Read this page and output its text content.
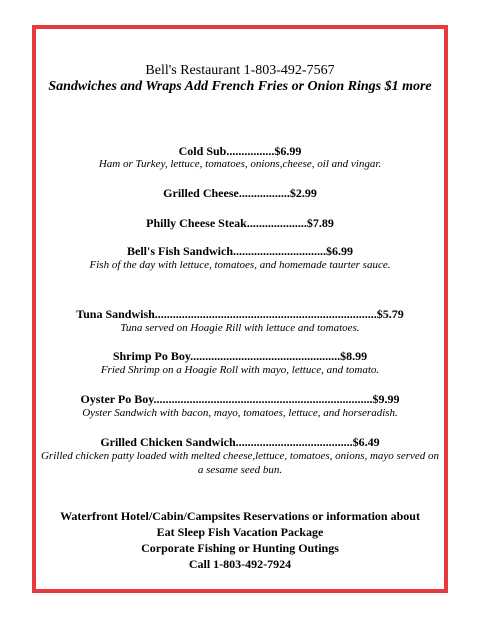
Bell's Restaurant 1-803-492-7567
Sandwiches and Wraps Add French Fries or Onion Rings $1 more
Cold Sub................$6.99
Ham or Turkey, lettuce, tomatoes, onions,cheese, oil and vingar.
Grilled Cheese.................$2.99
Philly Cheese Steak....................$7.89
Bell's Fish Sandwich...............................$6.99
Fish of the day with lettuce, tomatoes, and homemade taurter sauce.
Tuna Sandwish..........................................................................$5.79
Tuna served on Hoagie Rill with lettuce and tomatoes.
Shrimp Po Boy..................................................$8.99
Fried Shrimp on a Hoagie Roll with mayo, lettuce, and tomato.
Oyster Po Boy.........................................................................$9.99
Oyster Sandwich with bacon, mayo, tomatoes, lettuce, and horseradish.
Grilled Chicken Sandwich.......................................$6.49
Grilled chicken patty loaded with melted cheese,lettuce, tomatoes, onions, mayo served on a sesame seed bun.
Waterfront Hotel/Cabin/Campsites Reservations or information about
Eat Sleep Fish Vacation Package
Corporate Fishing or Hunting Outings
Call 1-803-492-7924
